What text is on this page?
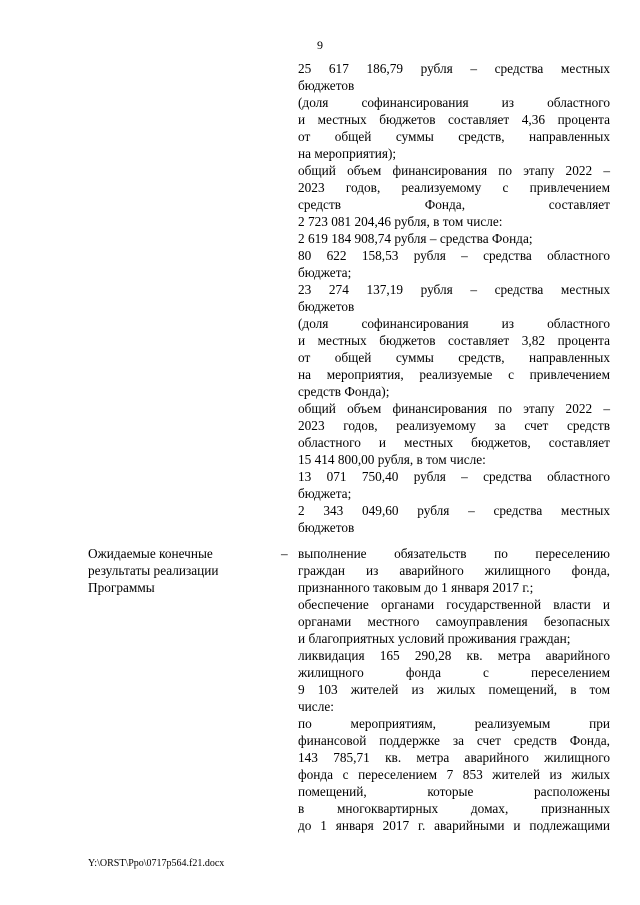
9

25 617 186,79 рубля – средства местных

бюджетов

(доля софинансирования из областного

и местных бюджетов составляет 4,36 процента

от общей суммы средств, направленных

на мероприятия);

общий объем финансирования по этапу 2022 –

2023 годов, реализуемому с привлечением

средств Фонда, составляет

2 723 081 204,46 рубля, в том числе:

2 619 184 908,74 рубля – средства Фонда;

80 622 158,53 рубля – средства областного

бюджета;

23 274 137,19 рубля – средства местных

бюджетов

(доля софинансирования из областного

и местных бюджетов составляет 3,82 процента

от общей суммы средств, направленных

на мероприятия, реализуемые с привлечением

средств Фонда);

общий объем финансирования по этапу 2022 –

2023 годов, реализуемому за счет средств

областного и местных бюджетов, составляет

15 414 800,00 рубля, в том числе:

13 071 750,40 рубля – средства областного

бюджета;

2 343 049,60 рубля – средства местных

бюджетов

Ожидаемые конечные результаты реализации Программы
– выполнение обязательств по переселению

граждан из аварийного жилищного фонда,

признанного таковым до 1 января 2017 г.;

обеспечение органами государственной власти и

органами местного самоуправления безопасных

и благоприятных условий проживания граждан;

ликвидация 165 290,28 кв. метра аварийного

жилищного фонда с переселением

9 103 жителей из жилых помещений, в том

числе:

по мероприятиям, реализуемым при

финансовой поддержке за счет средств Фонда,

143 785,71 кв. метра аварийного жилищного

фонда с переселением 7 853 жителей из жилых

помещений, которые расположены

в многоквартирных домах, признанных

до 1 января 2017 г. аварийными и подлежащими

Y:\ORST\Ppo\0717p564.f21.docx
